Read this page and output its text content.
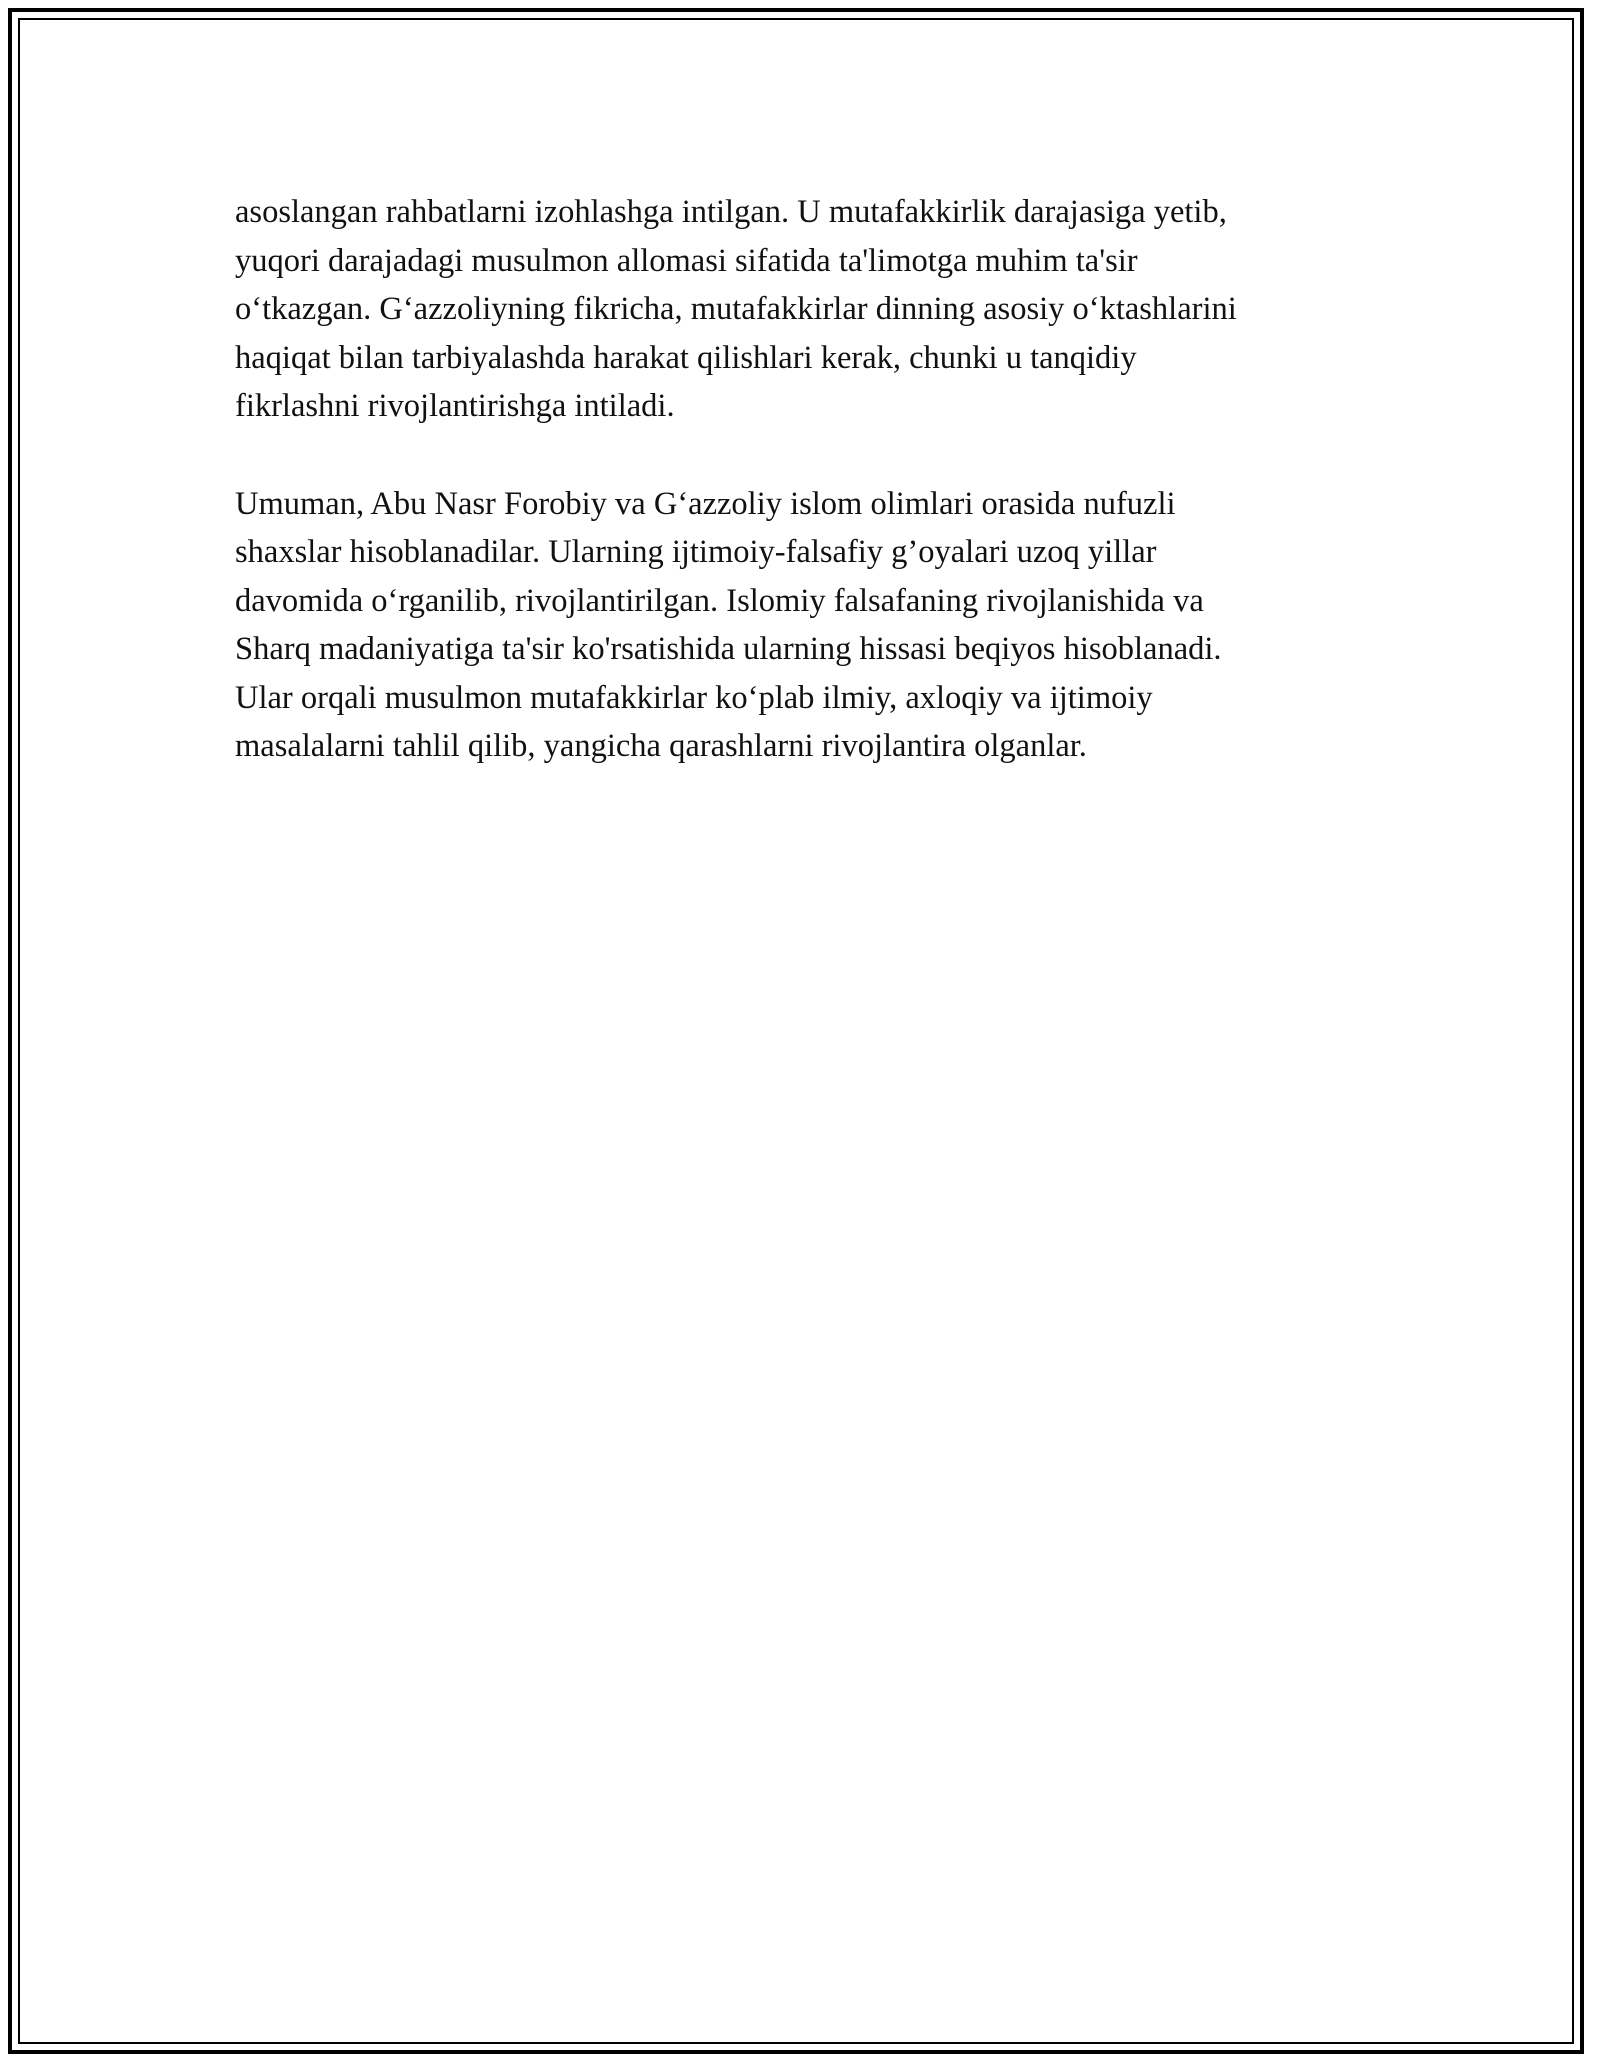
asoslangan rahbatlarni izohlashga intilgan. U mutafakkirlik darajasiga yetib,
yuqori darajadagi musulmon allomasi sifatida ta'limotga muhim ta'sir
o‘tkazgan. G‘azzoliyning fikricha, mutafakkirlar dinning asosiy o‘ktashlarini
haqiqat bilan tarbiyalashda harakat qilishlari kerak, chunki u tanqidiy
fikrlashni rivojlantirishga intiladi.

Umuman, Abu Nasr Forobiy va G‘azzoliy islom olimlari orasida nufuzli
shaxslar hisoblanadilar. Ularning ijtimoiy-falsafiy g’oyalari uzoq yillar
davomida o‘rganilib, rivojlantirilgan. Islomiy falsafaning rivojlanishida va
Sharq madaniyatiga ta'sir ko'rsatishida ularning hissasi beqiyos hisoblanadi.
Ular orqali musulmon mutafakkirlar ko‘plab ilmiy, axloqiy va ijtimoiy
masalalarni tahlil qilib, yangicha qarashlarni rivojlantira olganlar.
